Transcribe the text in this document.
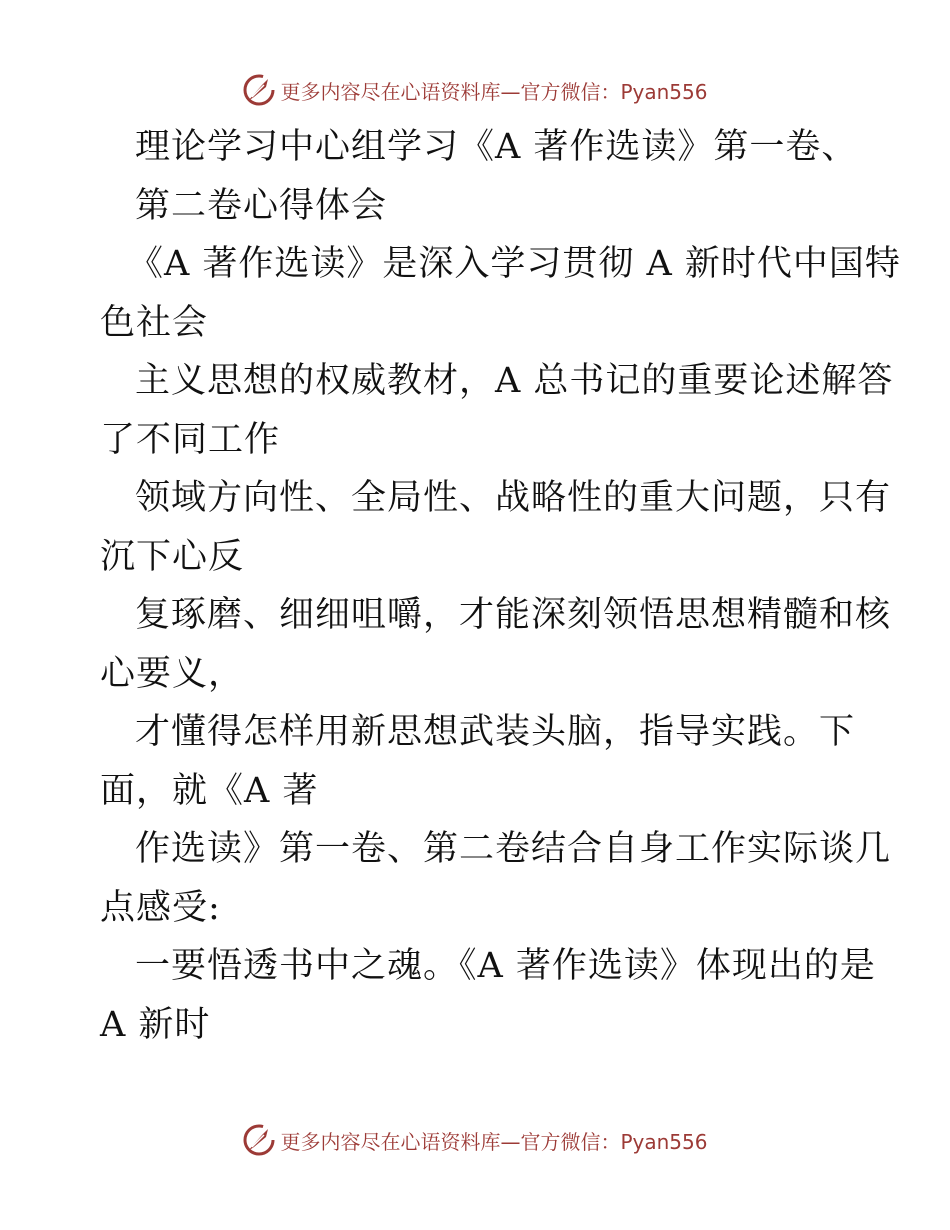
更多内容尽在心语资料库—官方微信：Pyan556
理论学习中心组学习《A 著作选读》第一卷、
第二卷心得体会
《A 著作选读》是深入学习贯彻 A 新时代中国特
色社会
主义思想的权威教材，A 总书记的重要论述解答
了不同工作
领域方向性、全局性、战略性的重大问题，只有
沉下心反
复琢磨、细细咀嚼，才能深刻领悟思想精髓和核
心要义，
才懂得怎样用新思想武装头脑，指导实践。下
面，就《A 著
作选读》第一卷、第二卷结合自身工作实际谈几
点感受:
一要悟透书中之魂。《A 著作选读》体现出的是
A 新时
更多内容尽在心语资料库—官方微信：Pyan556
